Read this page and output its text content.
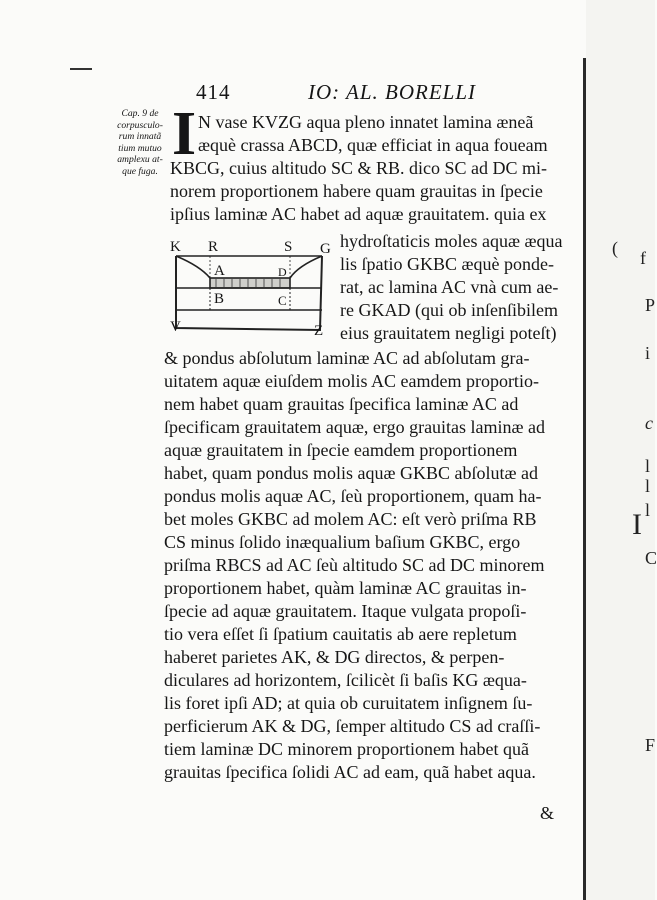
( f
P
i
c
l
l
l
I
C
F
414	IO: AL. BORELLI
Cap. 9 de
corpusculo-
rum innatã
tium mutuo
amplexu at-
que fuga.
I N vase KVZG aqua pleno innatet lamina æneã
æquè crassa ABCD, quæ efficiat in aqua foueam
KBCG, cuius altitudo SC & RB. dico SC ad DC mi-
norem proportionem habere quam grauitas in ſpecie
ipſius laminæ AC habet ad aquæ grauitatem. quia ex
K R	S G
A	D
B	C
V	Z
hydroſtaticis moles aquæ æqua
lis ſpatio GKBC æquè ponde-
rat, ac lamina AC vnà cum ae-
re GKAD (qui ob inſenſibilem
eius grauitatem negligi poteſt)
& pondus abſolutum laminæ AC ad abſolutam gra-
uitatem aquæ eiuſdem molis AC eamdem proportio-
nem habet quam grauitas ſpecifica laminæ AC ad
ſpecificam grauitatem aquæ, ergo grauitas laminæ ad
aquæ grauitatem in ſpecie eamdem proportionem
habet, quam pondus molis aquæ GKBC abſolutæ ad
pondus molis aquæ AC, ſeù proportionem, quam ha-
bet moles GKBC ad molem AC: eſt verò priſma RB
CS minus ſolido inæqualium baſium GKBC, ergo
priſma RBCS ad AC ſeù altitudo SC ad DC minorem
proportionem habet, quàm laminæ AC grauitas in-
ſpecie ad aquæ grauitatem. Itaque vulgata propoſi-
tio vera eſſet ſi ſpatium cauitatis ab aere repletum
haberet parietes AK, & DG directos, & perpen-
diculares ad horizontem, ſcilicèt ſi baſis KG æqua-
lis foret ipſi AD; at quia ob curuitatem inſignem ſu-
perficierum AK & DG, ſemper altitudo CS ad craſſi-
tiem laminæ DC minorem proportionem habet quã
grauitas ſpecifica ſolidi AC ad eam, quã habet aqua.
&
